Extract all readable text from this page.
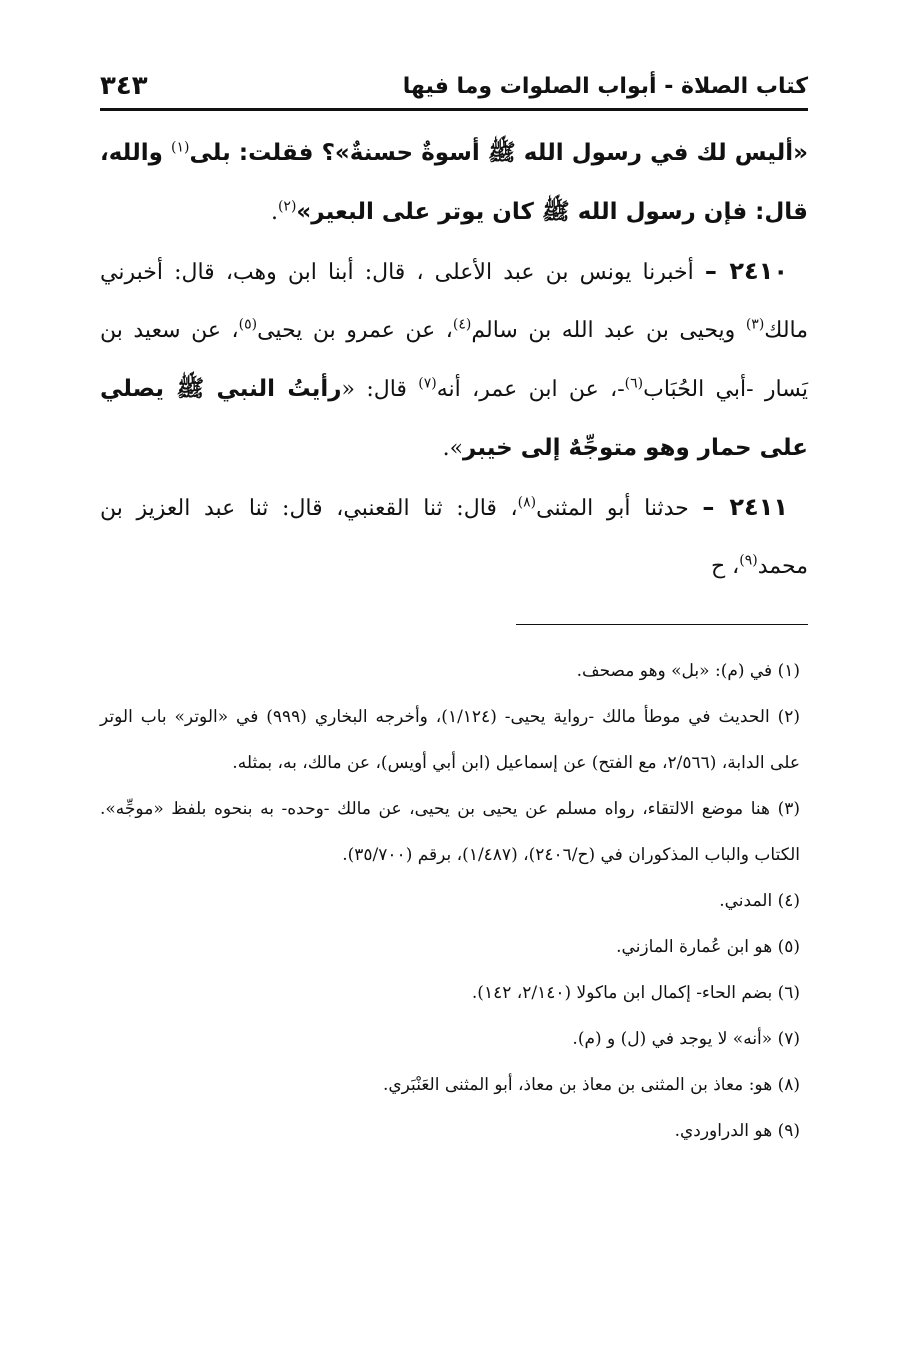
كتاب الصلاة - أبواب الصلوات وما فيها
٣٤٣

«أليس لك في رسول الله ﷺ أسوةٌ حسنةٌ»؟ فقلت: بلى$^{(١)}$ والله، قال: فإن رسول الله ﷺ كان يوتر على البعير»$^{(٢)}$.

٢٤١٠ – أخبرنا يونس بن عبد الأعلى ، قال: أبنا ابن وهب، قال: أخبرني مالك$^{(٣)}$ ويحيى بن عبد الله بن سالم$^{(٤)}$، عن عمرو بن يحيى$^{(٥)}$، عن سعيد بن يَسار -أبي الحُبَاب$^{(٦)}$-، عن ابن عمر، أنه$^{(٧)}$ قال: «رأيتُ النبي ﷺ يصلي على حمار وهو متوجِّهٌ إلى خيبر».

٢٤١١ – حدثنا أبو المثنى$^{(٨)}$، قال: ثنا القعنبي، قال: ثنا عبد العزيز بن محمد$^{(٩)}$، ح

(١) في (م): «بل» وهو مصحف.

(٢) الحديث في موطأ مالك -رواية يحيى- (١/١٢٤)، وأخرجه البخاري (٩٩٩) في «الوتر» باب الوتر على الدابة، (٢/٥٦٦، مع الفتح) عن إسماعيل (ابن أبي أويس)، عن مالك، به، بمثله.

(٣) هنا موضع الالتقاء، رواه مسلم عن يحيى بن يحيى، عن مالك -وحده- به بنحوه بلفظ «موجِّه». الكتاب والباب المذكوران في (ح/٢٤٠٦)، (١/٤٨٧)، برقم (٣٥/٧٠٠).

(٤) المدني.

(٥) هو ابن عُمارة المازني.

(٦) بضم الحاء- إكمال ابن ماكولا (٢/١٤٠، ١٤٢).

(٧) «أنه» لا يوجد في (ل) و (م).

(٨) هو: معاذ بن المثنى بن معاذ بن معاذ، أبو المثنى العَنْبَري.

(٩) هو الدراوردي.
